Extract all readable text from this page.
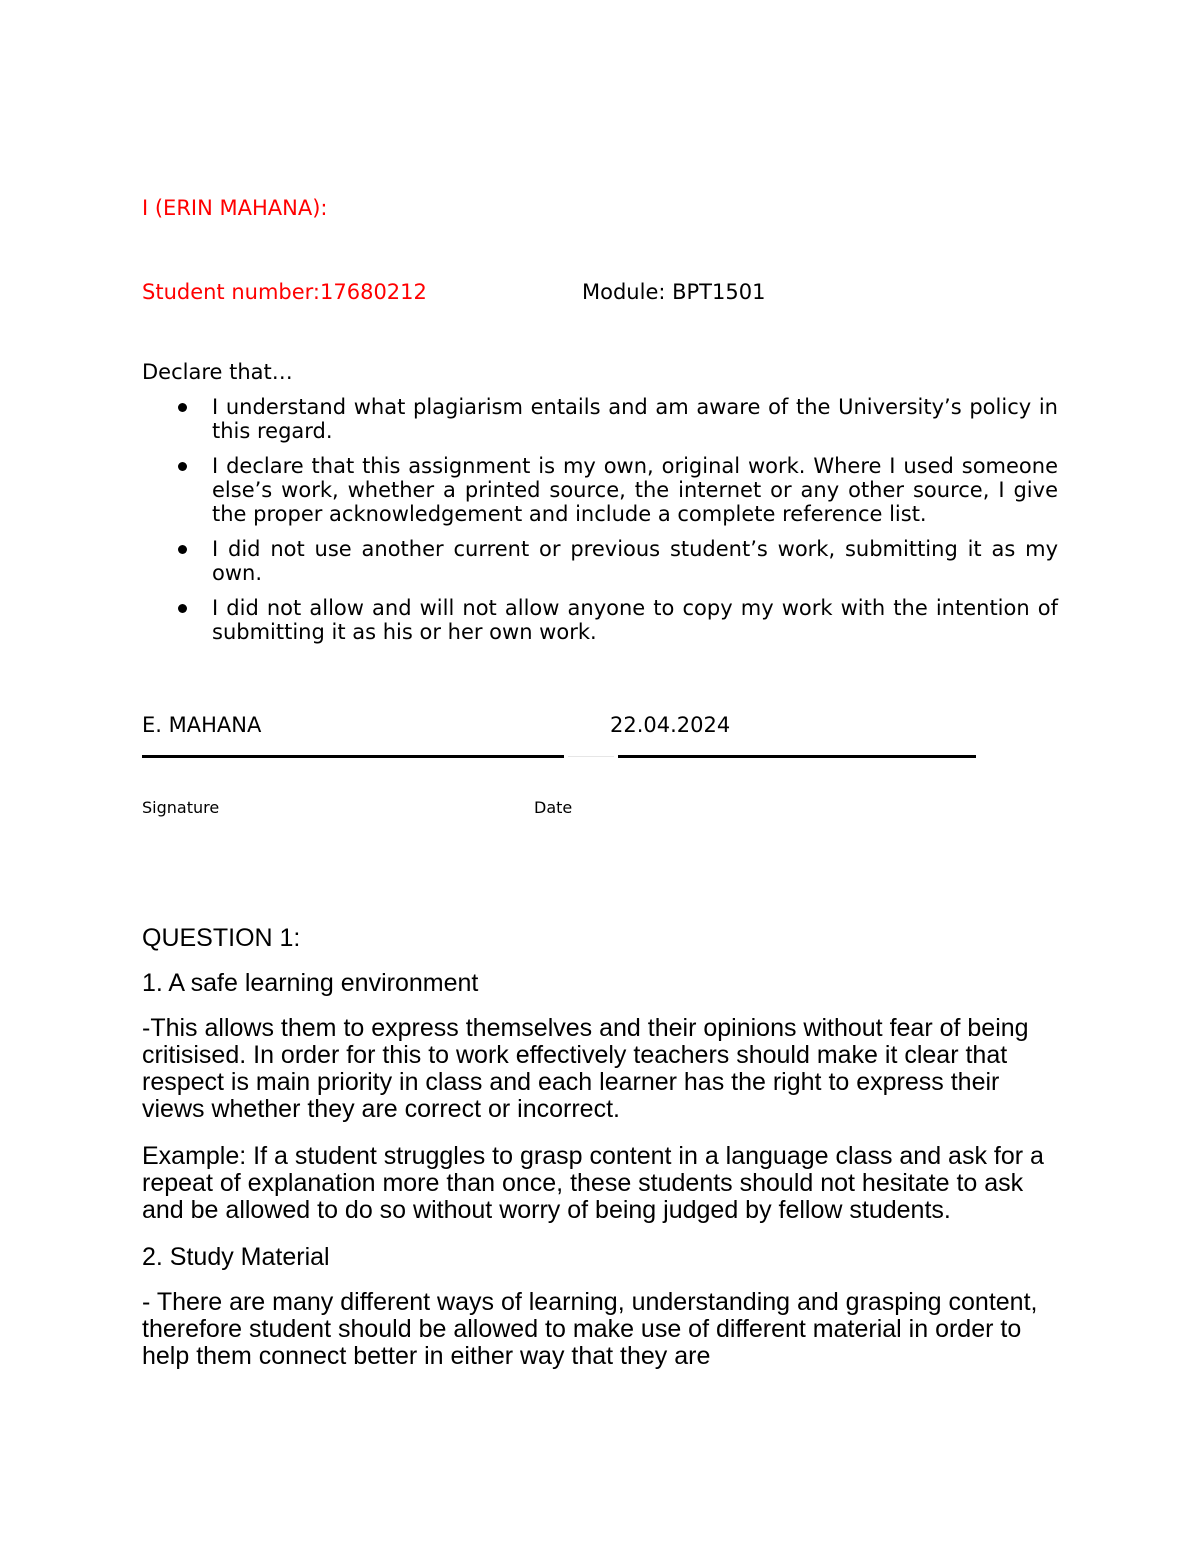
I (ERIN MAHANA):
Student number:17680212	Module: BPT1501
Declare that…
I understand what plagiarism entails and am aware of the University’s policy in this regard.
I declare that this assignment is my own, original work. Where I used someone else’s work, whether a printed source, the internet or any other source, I give the proper acknowledgement and include a complete reference list.
I did not use another current or previous student’s work, submitting it as my own.
I did not allow and will not allow anyone to copy my work with the intention of submitting it as his or her own work.
E. MAHANA	22.04.2024
Signature	Date

QUESTION 1:

1. A safe learning environment

-This allows them to express themselves and their opinions without fear of being critisised. In order for this to work effectively teachers should make it clear that respect is main priority in class and each learner has the right to express their views whether they are correct or incorrect.

Example: If a student struggles to grasp content in a language class and ask for a repeat of explanation more than once, these students should not hesitate to ask and be allowed to do so without worry of being judged by fellow students.

2. Study Material

- There are many different ways of learning, understanding and grasping content, therefore student should be allowed to make use of different material in order to help them connect better in either way that they are
